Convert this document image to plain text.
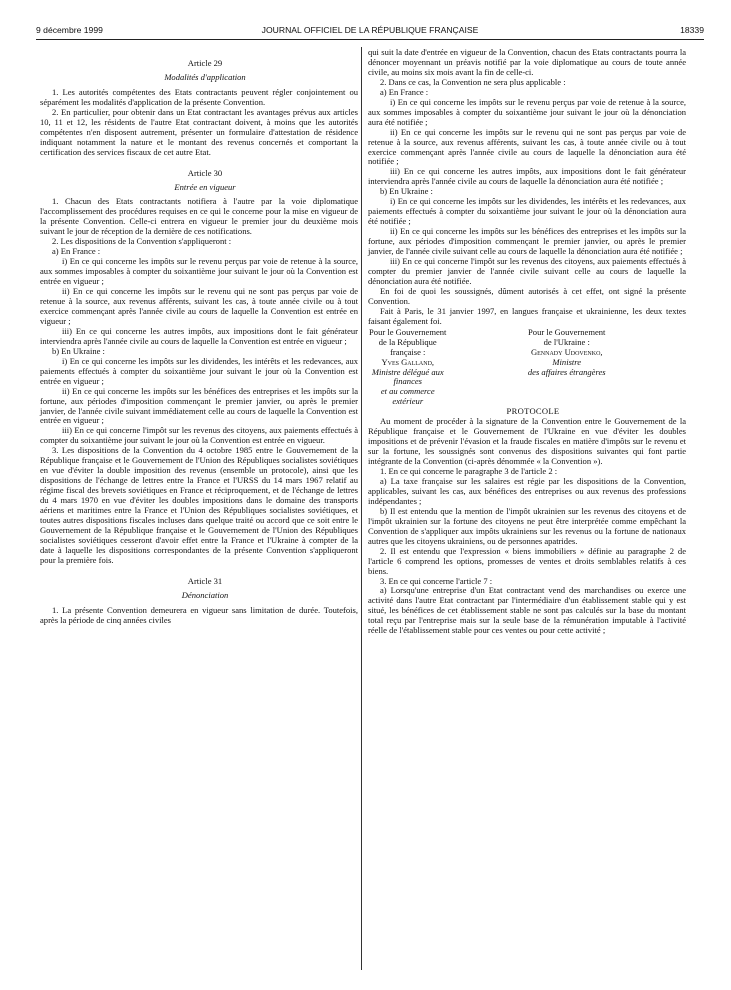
9 décembre 1999	JOURNAL OFFICIEL DE LA RÉPUBLIQUE FRANÇAISE	18339

Article 29

Modalités d'application

1. Les autorités compétentes des Etats contractants peuvent régler conjointement ou séparément les modalités d'application de la présente Convention.

2. En particulier, pour obtenir dans un Etat contractant les avantages prévus aux articles 10, 11 et 12, les résidents de l'autre Etat contractant doivent, à moins que les autorités compétentes n'en disposent autrement, présenter un formulaire d'attestation de résidence indiquant notamment la nature et le montant des revenus concernés et comportant la certification des services fiscaux de cet autre Etat.

Article 30

Entrée en vigueur

1. Chacun des Etats contractants notifiera à l'autre par la voie diplomatique l'accomplissement des procédures requises en ce qui le concerne pour la mise en vigueur de la présente Convention. Celle-ci entrera en vigueur le premier jour du deuxième mois suivant le jour de réception de la dernière de ces notifications.

2. Les dispositions de la Convention s'appliqueront :

a) En France :

i) En ce qui concerne les impôts sur le revenu perçus par voie de retenue à la source, aux sommes imposables à compter du soixantième jour suivant le jour où la Convention est entrée en vigueur ;

ii) En ce qui concerne les impôts sur le revenu qui ne sont pas perçus par voie de retenue à la source, aux revenus afférents, suivant les cas, à toute année civile ou à tout exercice commençant après l'année civile au cours de laquelle la Convention est entrée en vigueur ;

iii) En ce qui concerne les autres impôts, aux impositions dont le fait générateur interviendra après l'année civile au cours de laquelle la Convention est entrée en vigueur ;

b) En Ukraine :

i) En ce qui concerne les impôts sur les dividendes, les intérêts et les redevances, aux paiements effectués à compter du soixantième jour suivant le jour où la Convention est entrée en vigueur ;

ii) En ce qui concerne les impôts sur les bénéfices des entreprises et les impôts sur la fortune, aux périodes d'imposition commençant le premier janvier, ou après le premier janvier, de l'année civile suivant immédiatement celle au cours de laquelle la Convention est entrée en vigueur ;

iii) En ce qui concerne l'impôt sur les revenus des citoyens, aux paiements effectués à compter du soixantième jour suivant le jour où la Convention est entrée en vigueur.

3. Les dispositions de la Convention du 4 octobre 1985 entre le Gouvernement de la République française et le Gouvernement de l'Union des Républiques socialistes soviétiques en vue d'éviter la double imposition des revenus (ensemble un protocole), ainsi que les dispositions de l'échange de lettres entre la France et l'URSS du 14 mars 1967 relatif au régime fiscal des brevets soviétiques en France et réciproquement, et de l'échange de lettres du 4 mars 1970 en vue d'éviter les doubles impositions dans le domaine des transports aériens et maritimes entre la France et l'Union des Républiques socialistes soviétiques, et toutes autres dispositions fiscales incluses dans quelque traité ou accord que ce soit entre le Gouvernement de la République française et le Gouvernement de l'Union des Républiques socialistes soviétiques cesseront d'avoir effet entre la France et l'Ukraine à compter de la date à laquelle les dispositions correspondantes de la présente Convention s'appliqueront pour la première fois.

Article 31

Dénonciation

1. La présente Convention demeurera en vigueur sans limitation de durée. Toutefois, après la période de cinq années civiles

qui suit la date d'entrée en vigueur de la Convention, chacun des Etats contractants pourra la dénoncer moyennant un préavis notifié par la voie diplomatique au cours de toute année civile, au moins six mois avant la fin de celle-ci.

2. Dans ce cas, la Convention ne sera plus applicable :

a) En France :

i) En ce qui concerne les impôts sur le revenu perçus par voie de retenue à la source, aux sommes imposables à compter du soixantième jour suivant le jour où la dénonciation aura été notifiée ;

ii) En ce qui concerne les impôts sur le revenu qui ne sont pas perçus par voie de retenue à la source, aux revenus afférents, suivant les cas, à toute année civile ou à tout exercice commençant après l'année civile au cours de laquelle la dénonciation aura été notifiée ;

iii) En ce qui concerne les autres impôts, aux impositions dont le fait générateur interviendra après l'année civile au cours de laquelle la dénonciation aura été notifiée ;

b) En Ukraine :

i) En ce qui concerne les impôts sur les dividendes, les intérêts et les redevances, aux paiements effectués à compter du soixantième jour suivant le jour où la dénonciation aura été notifiée ;

ii) En ce qui concerne les impôts sur les bénéfices des entreprises et les impôts sur la fortune, aux périodes d'imposition commençant le premier janvier, ou après le premier janvier, de l'année civile suivant celle au cours de laquelle la dénonciation aura été notifiée ;

iii) En ce qui concerne l'impôt sur les revenus des citoyens, aux paiements effectués à compter du premier janvier de l'année civile suivant celle au cours de laquelle la dénonciation aura été notifiée.

En foi de quoi les soussignés, dûment autorisés à cet effet, ont signé la présente Convention.

Fait à Paris, le 31 janvier 1997, en langues française et ukrainienne, les deux textes faisant également foi.

Pour le Gouvernement
de la République française :
Yves Galland,
Ministre délégué aux finances
et au commerce extérieur
Pour le Gouvernement
de l'Ukraine :
Gennady Udovenko,
Ministre
des affaires étrangères

PROTOCOLE

Au moment de procéder à la signature de la Convention entre le Gouvernement de la République française et le Gouvernement de l'Ukraine en vue d'éviter les doubles impositions et de prévenir l'évasion et la fraude fiscales en matière d'impôts sur le revenu et sur la fortune, les soussignés sont convenus des dispositions suivantes qui font partie intégrante de la Convention (ci-après dénommée « la Convention »).

1. En ce qui concerne le paragraphe 3 de l'article 2 :

a) La taxe française sur les salaires est régie par les dispositions de la Convention, applicables, suivant les cas, aux bénéfices des entreprises ou aux revenus des professions indépendantes ;

b) Il est entendu que la mention de l'impôt ukrainien sur les revenus des citoyens et de l'impôt ukrainien sur la fortune des citoyens ne peut être interprétée comme empêchant la Convention de s'appliquer aux impôts ukrainiens sur les revenus ou la fortune de nationaux autres que les citoyens ukrainiens, ou de personnes apatrides.

2. Il est entendu que l'expression « biens immobiliers » définie au paragraphe 2 de l'article 6 comprend les options, promesses de ventes et droits semblables relatifs à ces biens.

3. En ce qui concerne l'article 7 :

a) Lorsqu'une entreprise d'un Etat contractant vend des marchandises ou exerce une activité dans l'autre Etat contractant par l'intermédiaire d'un établissement stable qui y est situé, les bénéfices de cet établissement stable ne sont pas calculés sur la base du montant total reçu par l'entreprise mais sur la seule base de la rémunération imputable à l'activité réelle de l'établissement stable pour ces ventes ou pour cette activité ;
